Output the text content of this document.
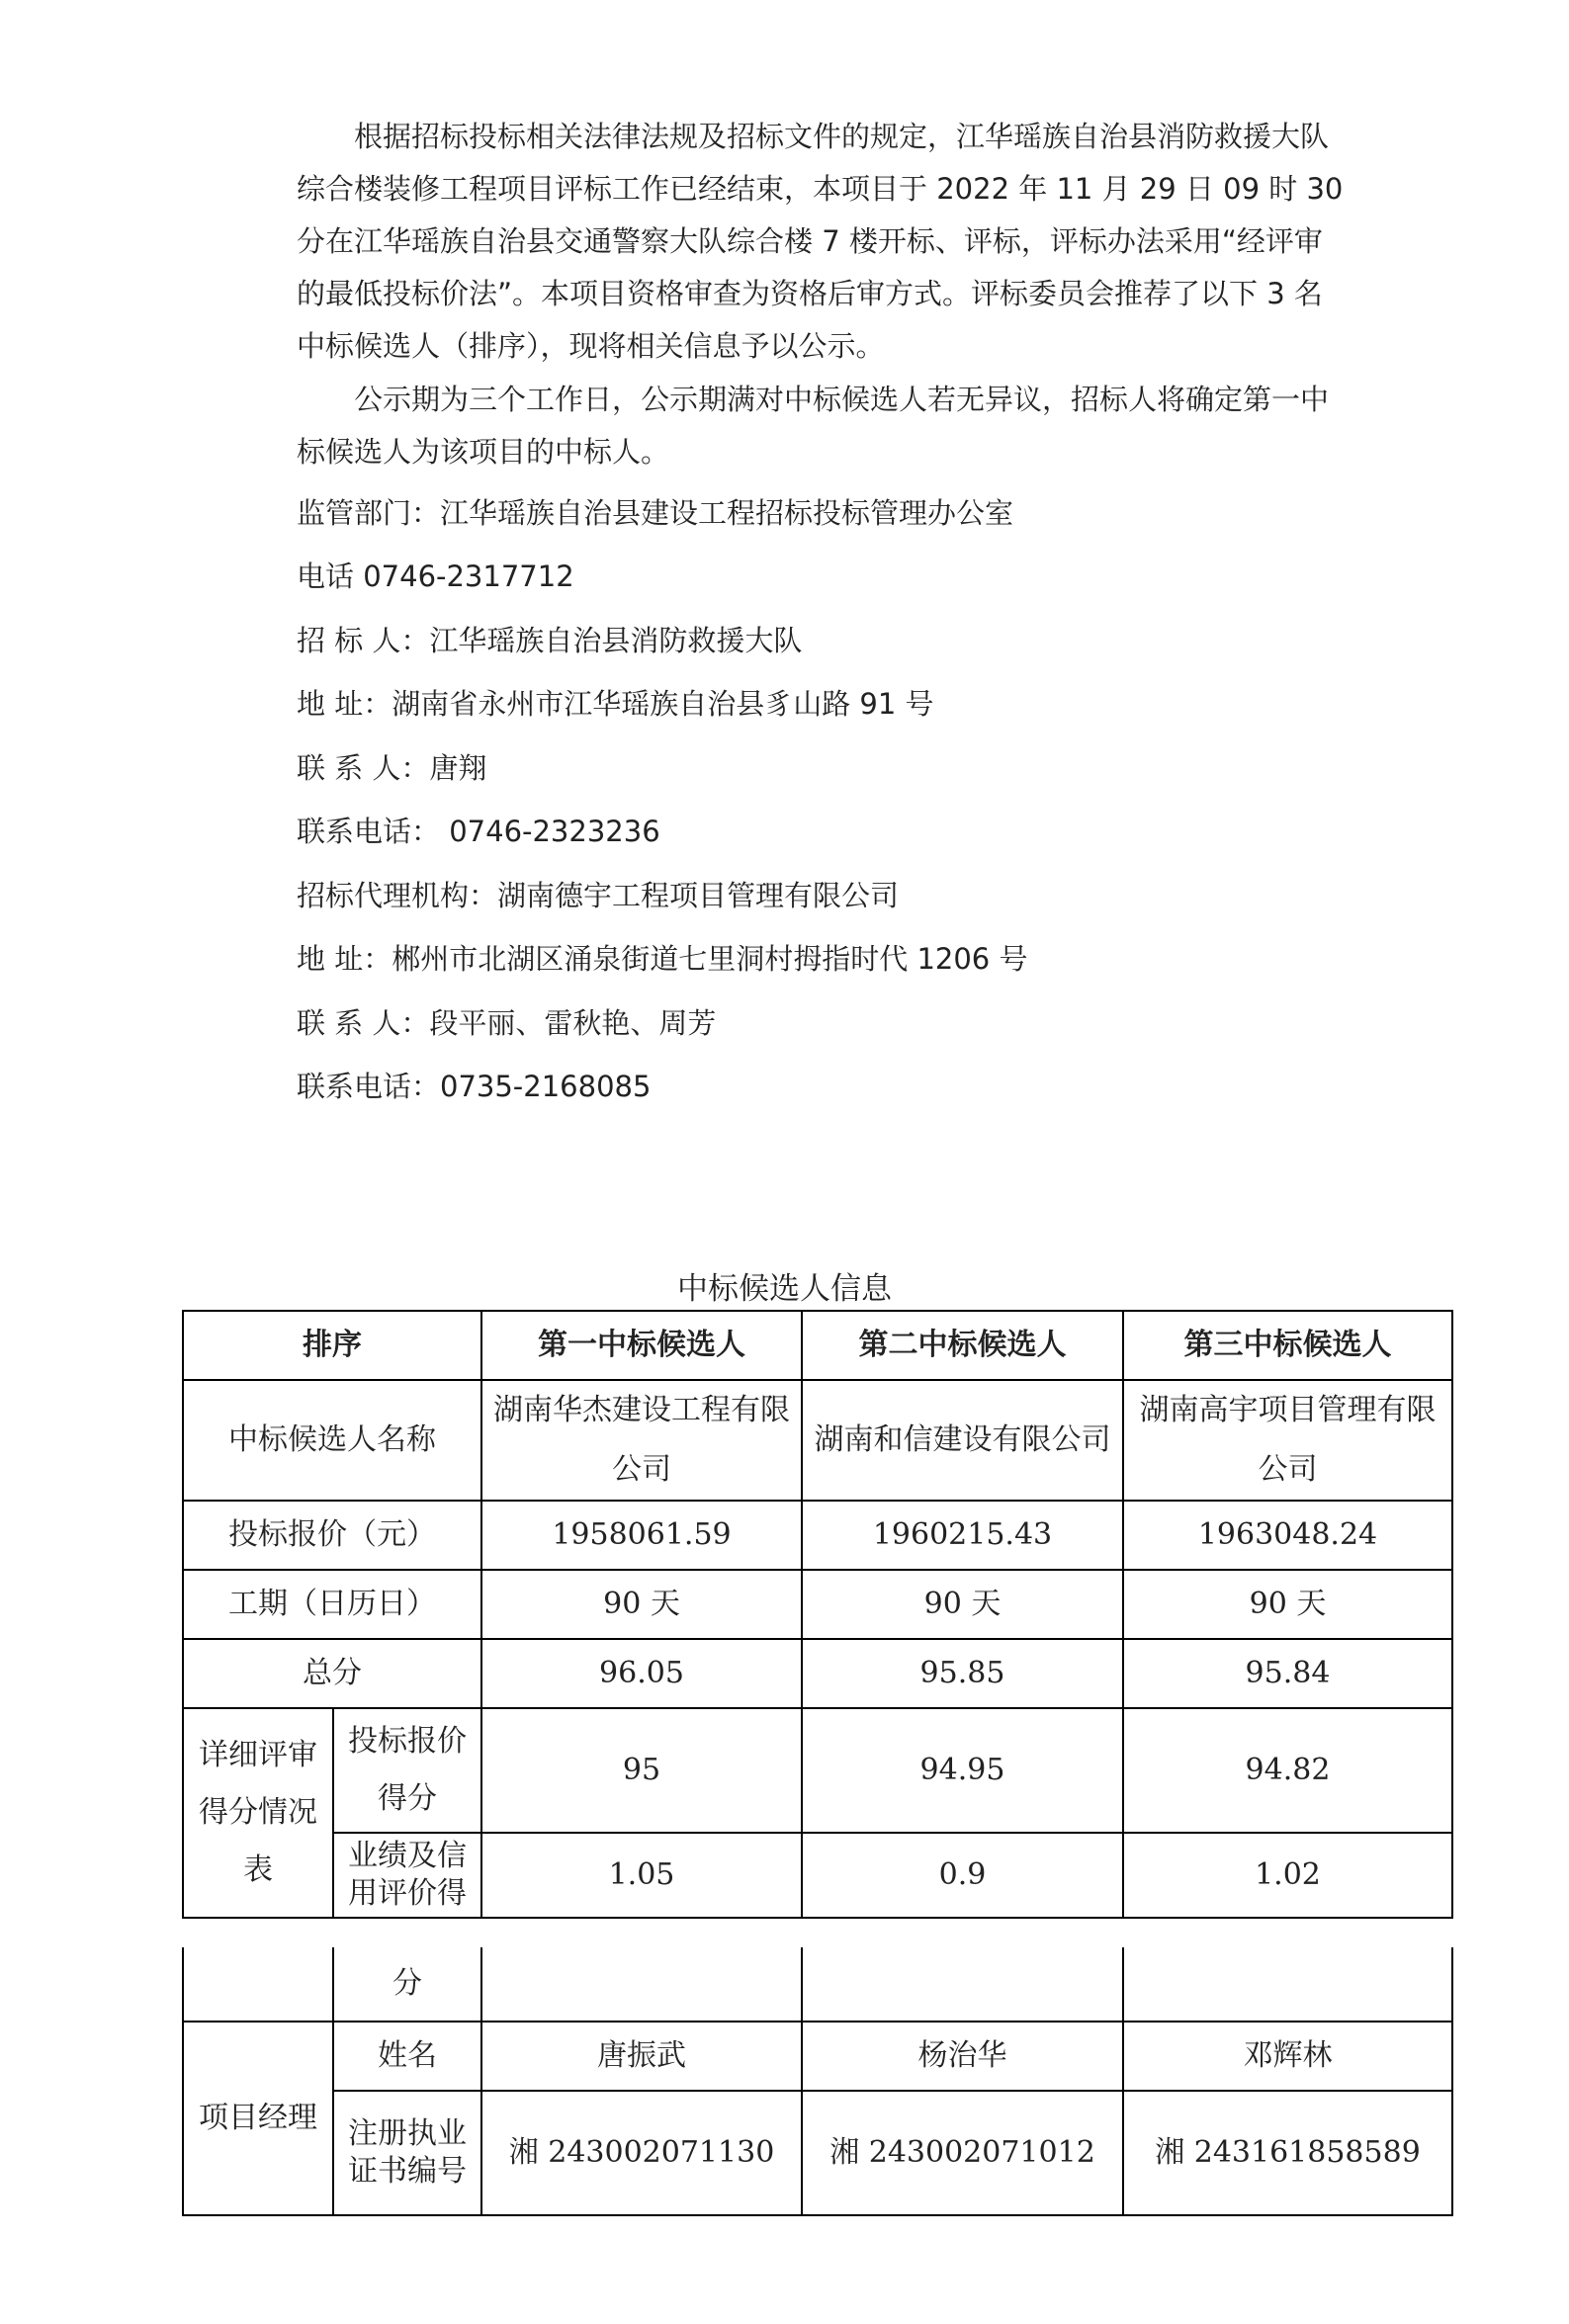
根据招标投标相关法律法规及招标文件的规定，江华瑶族自治县消防救援大队综合楼装修工程项目评标工作已经结束，本项目于 2022 年 11 月 29 日 09 时 30 分在江华瑶族自治县交通警察大队综合楼 7 楼开标、评标，评标办法采用“经评审的最低投标价法”。本项目资格审查为资格后审方式。评标委员会推荐了以下 3 名中标候选人（排序），现将相关信息予以公示。

公示期为三个工作日，公示期满对中标候选人若无异议，招标人将确定第一中标候选人为该项目的中标人。

监管部门：江华瑶族自治县建设工程招标投标管理办公室

电话 0746-2317712

招 标 人：江华瑶族自治县消防救援大队

地 址：湖南省永州市江华瑶族自治县豸山路 91 号

联 系 人：唐翔

联系电话： 0746-2323236

招标代理机构：湖南德宇工程项目管理有限公司

地 址：郴州市北湖区涌泉街道七里洞村拇指时代 1206 号

联 系 人：段平丽、雷秋艳、周芳

联系电话：0735-2168085

中标候选人信息
排序		第一中标候选人	第二中标候选人	第三中标候选人
中标候选人名称		湖南华杰建设工程有限公司	湖南和信建设有限公司	湖南高宇项目管理有限公司
投标报价（元）		1958061.59	1960215.43	1963048.24
工期（日历日）		90 天	90 天	90 天
总分		96.05	95.85	95.84
详细评审得分情况表	投标报价得分	95	94.95	94.82
	业绩及信用评价得	1.05	0.9	1.02
	分			
项目经理	姓名	唐振武	杨治华	邓辉林
	注册执业证书编号	湘 243002071130	湘 243002071012	湘 243161858589
